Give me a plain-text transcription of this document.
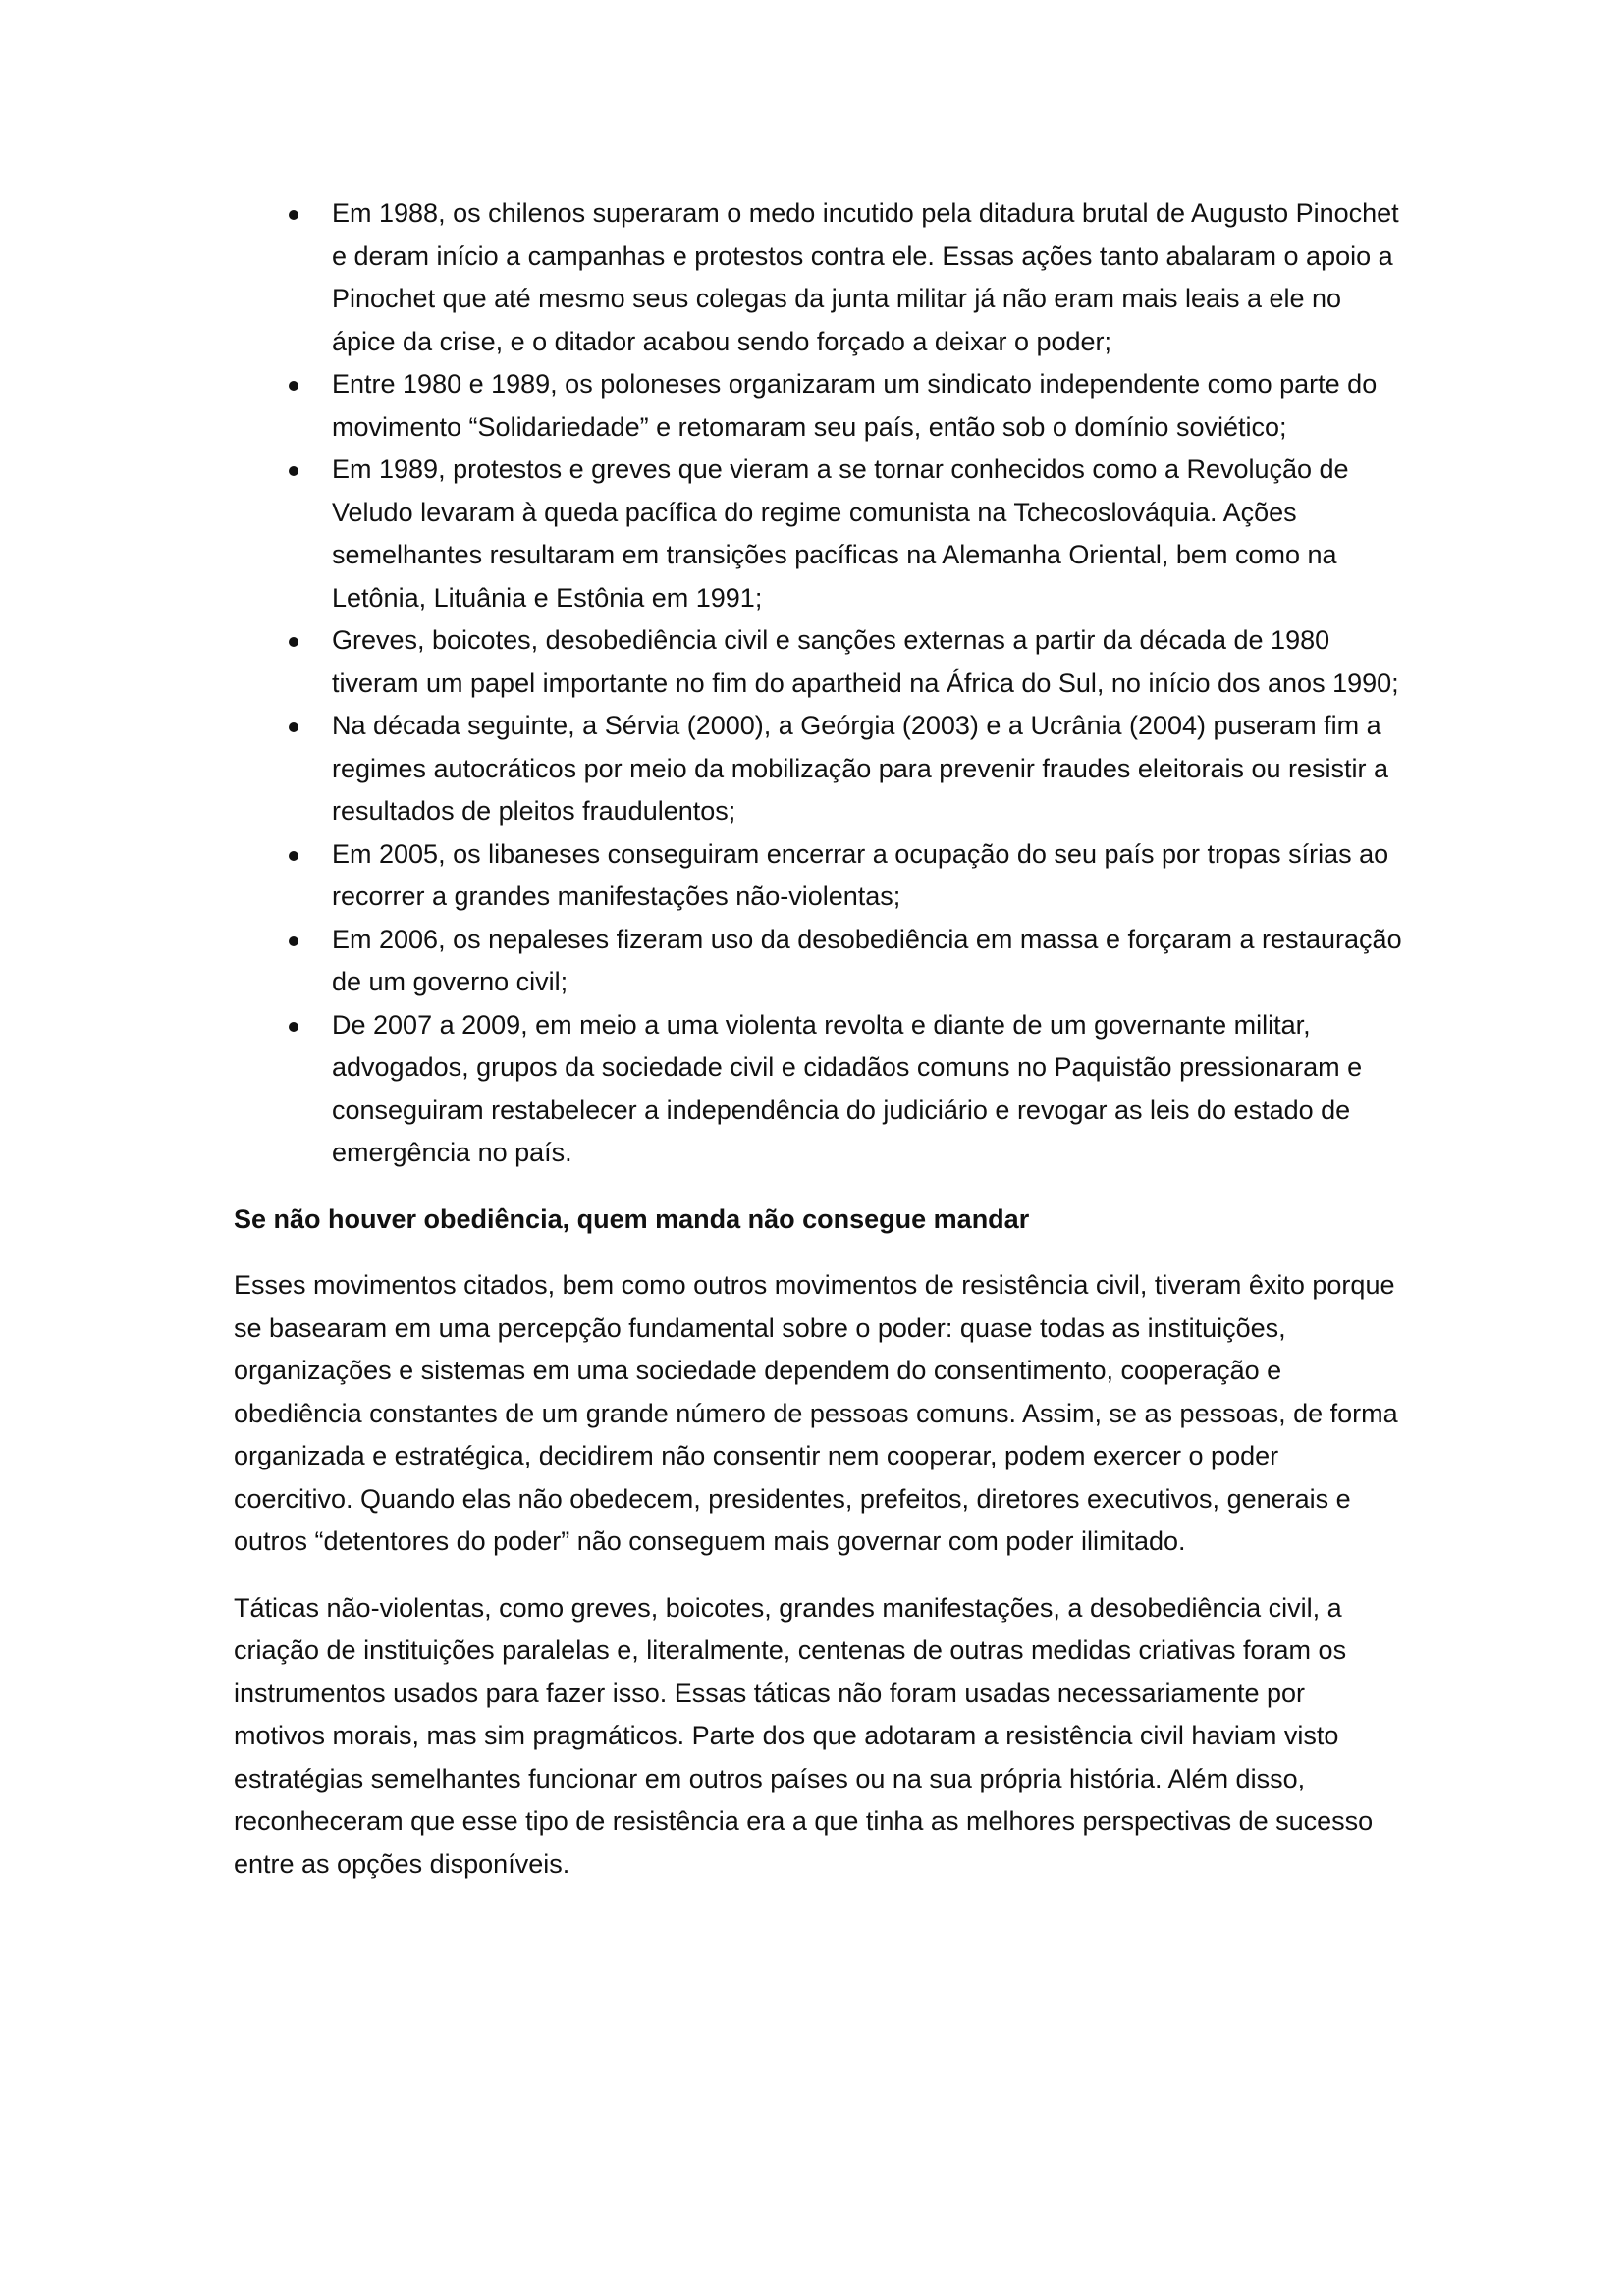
Em 1988, os chilenos superaram o medo incutido pela ditadura brutal de Augusto Pinochet e deram início a campanhas e protestos contra ele. Essas ações tanto abalaram o apoio a Pinochet que até mesmo seus colegas da junta militar já não eram mais leais a ele no ápice da crise, e o ditador acabou sendo forçado a deixar o poder;
Entre 1980 e 1989, os poloneses organizaram um sindicato independente como parte do movimento “Solidariedade” e retomaram seu país, então sob o domínio soviético;
Em 1989, protestos e greves que vieram a se tornar conhecidos como a Revolução de Veludo levaram à queda pacífica do regime comunista na Tchecoslováquia. Ações semelhantes resultaram em transições pacíficas na Alemanha Oriental, bem como na Letônia, Lituânia e Estônia em 1991;
Greves, boicotes, desobediência civil e sanções externas a partir da década de 1980 tiveram um papel importante no fim do apartheid na África do Sul, no início dos anos 1990;
Na década seguinte, a Sérvia (2000), a Geórgia (2003) e a Ucrânia (2004) puseram fim a regimes autocráticos por meio da mobilização para prevenir fraudes eleitorais ou resistir a resultados de pleitos fraudulentos;
Em 2005, os libaneses conseguiram encerrar a ocupação do seu país por tropas sírias ao recorrer a grandes manifestações não-violentas;
Em 2006, os nepaleses fizeram uso da desobediência em massa e forçaram a restauração de um governo civil;
De 2007 a 2009, em meio a uma violenta revolta e diante de um governante militar, advogados, grupos da sociedade civil e cidadãos comuns no Paquistão pressionaram e conseguiram restabelecer a independência do judiciário e revogar as leis do estado de emergência no país.

Se não houver obediência, quem manda não consegue mandar

Esses movimentos citados, bem como outros movimentos de resistência civil, tiveram êxito porque se basearam em uma percepção fundamental sobre o poder: quase todas as instituições, organizações e sistemas em uma sociedade dependem do consentimento, cooperação e obediência constantes de um grande número de pessoas comuns. Assim, se as pessoas, de forma organizada e estratégica, decidirem não consentir nem cooperar, podem exercer o poder coercitivo. Quando elas não obedecem, presidentes, prefeitos, diretores executivos, generais e outros “detentores do poder” não conseguem mais governar com poder ilimitado.

Táticas não-violentas, como greves, boicotes, grandes manifestações, a desobediência civil, a criação de instituições paralelas e, literalmente, centenas de outras medidas criativas foram os instrumentos usados para fazer isso. Essas táticas não foram usadas necessariamente por motivos morais, mas sim pragmáticos. Parte dos que adotaram a resistência civil haviam visto estratégias semelhantes funcionar em outros países ou na sua própria história. Além disso, reconheceram que esse tipo de resistência era a que tinha as melhores perspectivas de sucesso entre as opções disponíveis.
